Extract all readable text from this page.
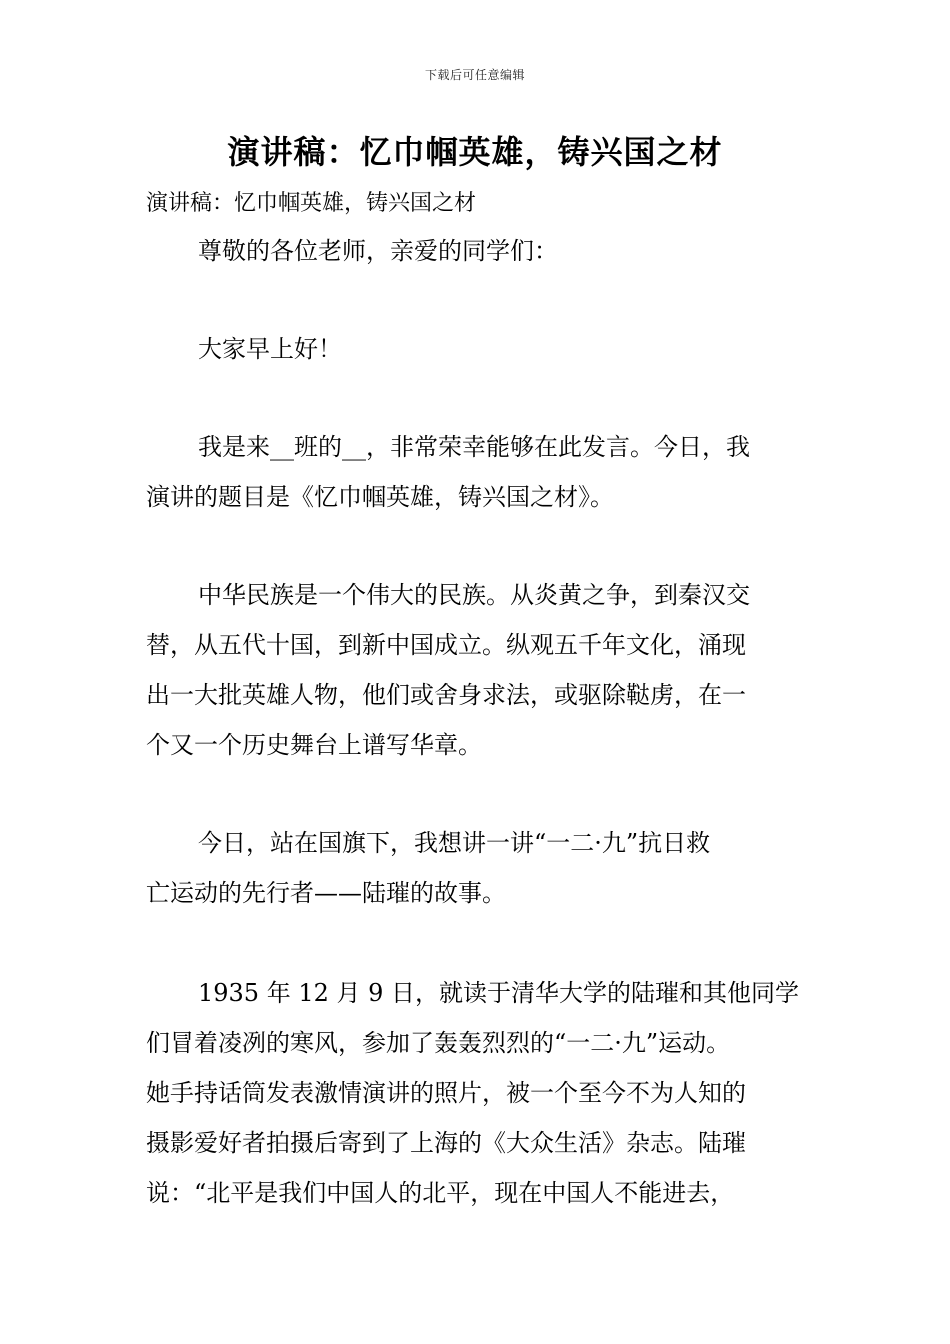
下载后可任意编辑
演讲稿：忆巾帼英雄，铸兴国之材
演讲稿：忆巾帼英雄，铸兴国之材
尊敬的各位老师，亲爱的同学们：
大家早上好！
我是来__班的__，非常荣幸能够在此发言。今日，我
演讲的题目是《忆巾帼英雄，铸兴国之材》。
中华民族是一个伟大的民族。从炎黄之争，到秦汉交
替，从五代十国，到新中国成立。纵观五千年文化，涌现
出一大批英雄人物，他们或舍身求法，或驱除鞑虏，在一
个又一个历史舞台上谱写华章。
今日，站在国旗下，我想讲一讲“一二·九”抗日救
亡运动的先行者——陆璀的故事。
1935 年 12 月 9 日，就读于清华大学的陆璀和其他同学
们冒着凌冽的寒风，参加了轰轰烈烈的“一二·九”运动。
她手持话筒发表激情演讲的照片，被一个至今不为人知的
摄影爱好者拍摄后寄到了上海的《大众生活》杂志。陆璀
说：“北平是我们中国人的北平，现在中国人不能进去，
